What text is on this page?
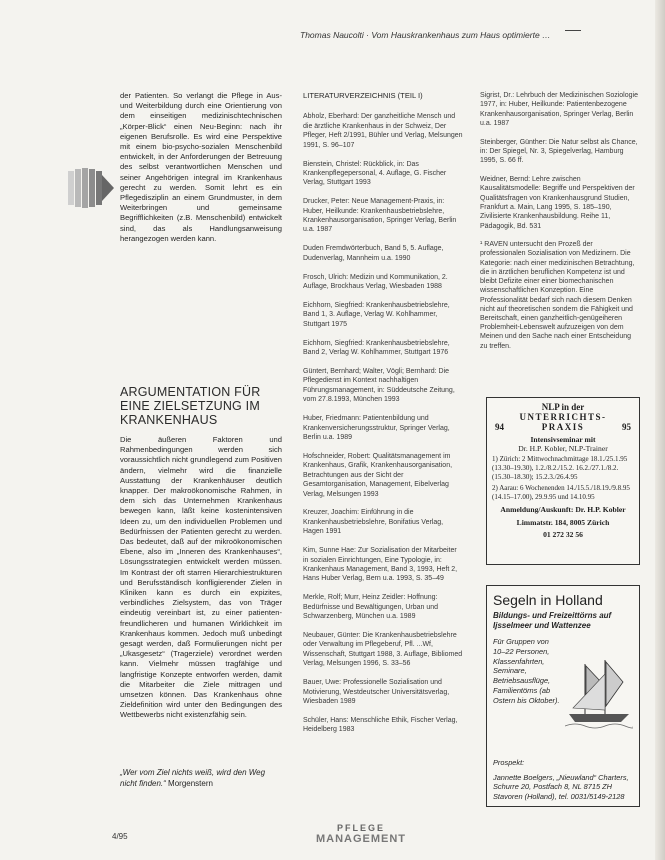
Thomas Naucolti · Vom Hauskrankenhaus zum Haus optimierte …

der Patienten. So verlangt die Pflege in Aus- und Weiterbildung durch eine Orientierung von dem einseitigen medizinischtechnischen „Körper-Blick“ einen Neu-Beginn: nach ihr eigenen Berufsrolle. Es wird eine Perspektive mit einem bio-psycho-sozialen Menschenbild entwickelt, in der Anforderungen der Betreuung des selbst verantwortlichen Menschen und seiner Angehörigen integral im Krankenhaus gerecht zu werden. Somit lehrt es ein Pflegedisziplin an einem Grundmuster, in dem Weiterbringen und gemeinsame Begrifflichkeiten (z.B. Menschenbild) entwickelt sind, das als Handlungsanweisung herangezogen werden kann.

ARGUMENTATION FÜR EINE ZIELSETZUNG IM KRANKENHAUS

Die äußeren Faktoren und Rahmenbedingungen werden sich voraussichtlich nicht grundlegend zum Positiven ändern, vielmehr wird die finanzielle Ausstattung der Krankenhäuser deutlich knapper. Der makroökonomische Rahmen, in dem sich das Unternehmen Krankenhaus bewegen kann, läßt keine kostenintensiven Ideen zu, um den individuellen Problemen und Bedürfnissen der Patienten gerecht zu werden. Das bedeutet, daß auf der mikroökonomischen Ebene, also im „Inneren des Krankenhauses“, Lösungsstrategien entwickelt werden müssen. Im Kontrast der oft starren Hierarchiestrukturen und Berufsständisch konfligierender Zielen in Kliniken kann es durch ein expizites, verbindliches Zielsystem, das von Träger eindeutig vereinbart ist, zu einer patienten-freundlicheren und humanen Wirklichkeit im Krankenhaus kommen. Jedoch muß unbedingt gesagt werden, daß Formulierungen nicht per „Ukasgesetz“ (Tragerziele) verordnet werden kann. Vielmehr müssen tragfähige und langfristige Konzepte entworfen werden, damit die Mitarbeiter die Ziele mittragen und umsetzen können. Das Krankenhaus ohne Zieldefinition wird unter den Bedingungen des Wettbewerbs nicht existenzfähig sein.

„Wer vom Ziel nichts weiß, wird den Weg nicht finden.“ Morgenstern
LITERATURVERZEICHNIS (TEIL I)
Abholz, Eberhard: Der ganzheitliche Mensch und die ärztliche Krankenhaus in der Schweiz, Der Pfleger, Heft 2/1991, Bühler und Verlag, Melsungen 1991, S. 96–107
Bienstein, Christel: Rückblick, in: Das Krankenpflegepersonal, 4. Auflage, G. Fischer Verlag, Stuttgart 1993
Drucker, Peter: Neue Management-Praxis, in: Huber, Heilkunde: Krankenhausbetriebslehre, Krankenhausorganisation, Springer Verlag, Berlin u.a. 1987
Duden Fremdwörterbuch, Band 5, 5. Auflage, Dudenverlag, Mannheim u.a. 1990
Frosch, Ulrich: Medizin und Kommunikation, 2. Auflage, Brockhaus Verlag, Wiesbaden 1988
Eichhorn, Siegfried: Krankenhausbetriebslehre, Band 1, 3. Auflage, Verlag W. Kohlhammer, Stuttgart 1975
Eichhorn, Siegfried: Krankenhausbetriebslehre, Band 2, Verlag W. Kohlhammer, Stuttgart 1976
Güntert, Bernhard; Walter, Vögli; Bernhard: Die Pflegedienst im Kontext nachhaltigen Führungsmanagement, in: Süddeutsche Zeitung, vom 27.8.1993, München 1993
Huber, Friedmann: Patientenbildung und Krankenversicherungsstruktur, Springer Verlag, Berlin u.a. 1989
Hofschneider, Robert: Qualitätsmanagement im Krankenhaus, Grafik, Krankenhausorganisation, Betrachtungen aus der Sicht der Gesamtorganisation, Management, Eibelverlag Verlag, Melsungen 1993
Kreuzer, Joachim: Einführung in die Krankenhausbetriebslehre, Bonifatius Verlag, Hagen 1991
Kim, Sunne Hae: Zur Sozialisation der Mitarbeiter in sozialen Einrichtungen, Eine Typologie, in: Krankenhaus Management, Band 3, 1993, Heft 2, Hans Huber Verlag, Bern u.a. 1993, S. 35–49
Merkle, Rolf; Murr, Heinz Zeidler: Hoffnung: Bedürfnisse und Bewältigungen, Urban und Schwarzenberg, München u.a. 1989
Neubauer, Günter: Die Krankenhausbetriebslehre oder Verwaltung im Pflegeberuf, Pfl. ...Wf, Wissenschaft, Stuttgart 1988, 3. Auflage, Bibliomed Verlag, Melsungen 1996, S. 33–56
Bauer, Uwe: Professionelle Sozialisation und Motivierung, Westdeutscher Universitätsverlag, Wiesbaden 1989
Schüler, Hans: Menschliche Ethik, Fischer Verlag, Heidelberg 1983
Sigrist, Dr.: Lehrbuch der Medizinischen Soziologie 1977, in: Huber, Heilkunde: Patientenbezogene Krankenhausorganisation, Springer Verlag, Berlin u.a. 1987
Steinberger, Günther: Die Natur selbst als Chance, in: Der Spiegel, Nr. 3, Spiegelverlag, Hamburg 1995, S. 66 ff.
Weidner, Bernd: Lehre zwischen Kausalitätsmodelle: Begriffe und Perspektiven der Qualitätsfragen von Krankenhausgrund Studien, Frankfurt a. Main, Lang 1995, S. 185–190, Zivilisierte Krankenhausbildung. Reihe 11, Pädagogik, Bd. 531
¹ RAVEN untersucht den Prozeß der professionalen Sozialisation von Medizinern. Die Kategorie: nach einer medizinischen Betrachtung, die in ärztlichen beruflichen Kompetenz ist und bleibt Defizite einer einer biomechanischen wissenschaftlichen Konzeption. Eine Professionalität bedarf sich nach diesem Denken nicht auf theoretischen sondern die Fähigkeit und Bereitschaft, einen ganzheitlich-genügeiheren Problemheit-Lebenswelt aufzuzeigen von dem Meinen und den Sache nach einer Entscheidung zu treffen.
NLP in der
UNTERRICHTS-
94	PRAXIS	95
Intensivseminar mit
Dr. H.P. Kobler, NLP-Trainer
1) Zürich: 2 Mittwochnachmittage 18.1./25.1.95 (13.30–19.30), 1.2./8.2./15.2. 16.2./27.1./8.2. (15.30–18.30); 15.2.3./26.4.95
2) Aarau: 6 Wochenenden 14./15.5./18.19./9.8.95 (14.15–17.00), 29.9.95 und 14.10.95
Anmeldung/Auskunft: Dr. H.P. Kobler
Limmatstr. 184, 8005 Zürich
01 272 32 56
Segeln in Holland
Bildungs- und Freizeittörns auf Ijsselmeer und Wattenzee
Für Gruppen von 10–22 Personen, Klassenfahrten, Seminare, Betriebsausflüge, Familientörns (ab Ostern bis Oktober).
Prospekt:
Jannette Boelgers, „Nieuwland“ Charters, Schurre 20, Postfach 8, NL 8715 ZH Stavoren (Holland), tel. 0031/5149-2128
4/95
PFLEGE
MANAGEMENT
